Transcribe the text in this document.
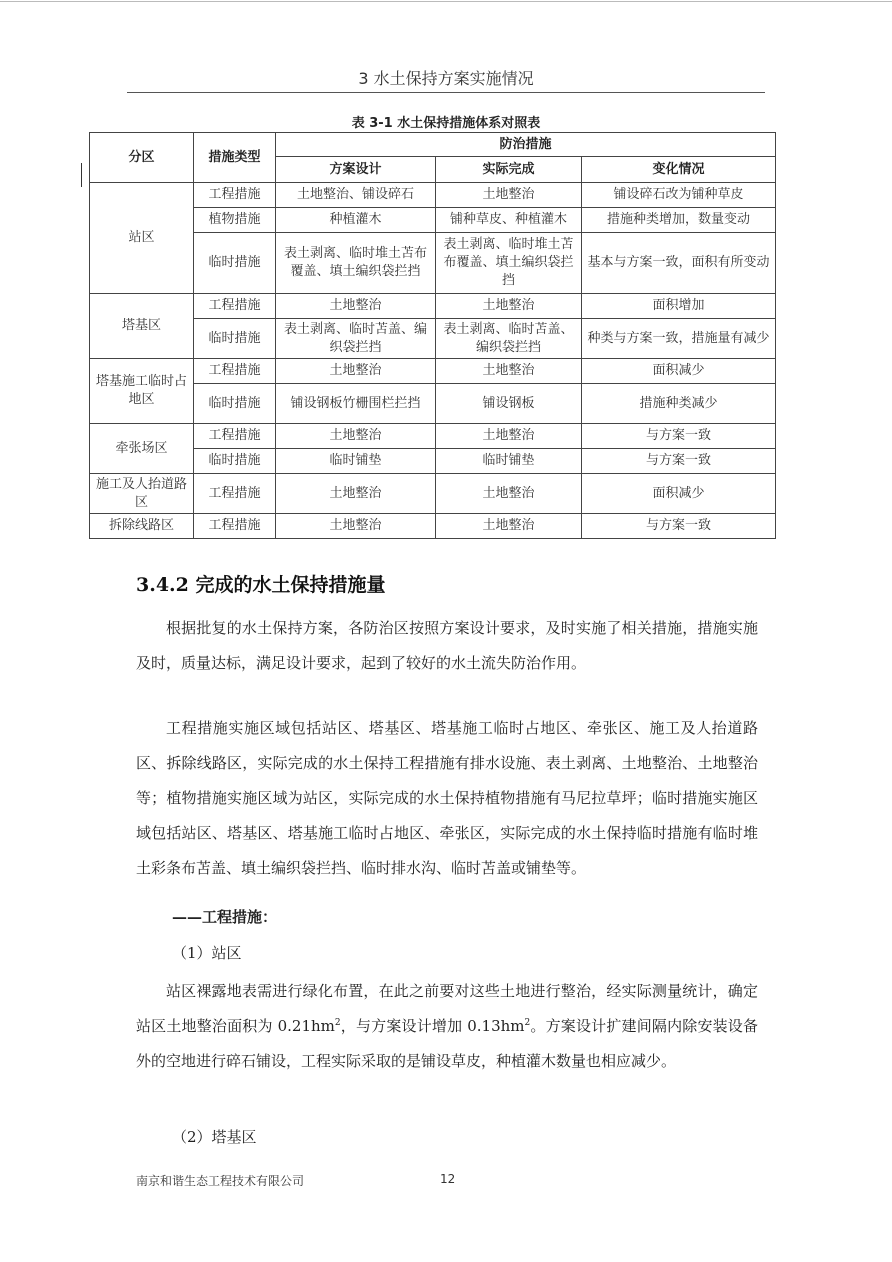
3 水土保持方案实施情况
表 3-1 水土保持措施体系对照表
分区	措施类型	防治措施		
		方案设计	实际完成	变化情况
站区	工程措施	土地整治、铺设碎石	土地整治	铺设碎石改为铺种草皮
	植物措施	种植灌木	铺种草皮、种植灌木	措施种类增加，数量变动
	临时措施	表土剥离、临时堆土苫布覆盖、填土编织袋拦挡	表土剥离、临时堆土苫布覆盖、填土编织袋拦挡	基本与方案一致，面积有所变动
塔基区	工程措施	土地整治	土地整治	面积增加
	临时措施	表土剥离、临时苫盖、编织袋拦挡	表土剥离、临时苫盖、编织袋拦挡	种类与方案一致，措施量有减少
塔基施工临时占地区	工程措施	土地整治	土地整治	面积减少
	临时措施	铺设钢板竹栅围栏拦挡	铺设钢板	措施种类减少
牵张场区	工程措施	土地整治	土地整治	与方案一致
	临时措施	临时铺垫	临时铺垫	与方案一致
施工及人抬道路区	工程措施	土地整治	土地整治	面积减少
拆除线路区	工程措施	土地整治	土地整治	与方案一致
3.4.2 完成的水土保持措施量

根据批复的水土保持方案，各防治区按照方案设计要求，及时实施了相关措施，措施实施及时，质量达标，满足设计要求，起到了较好的水土流失防治作用。

工程措施实施区域包括站区、塔基区、塔基施工临时占地区、牵张区、施工及人抬道路区、拆除线路区，实际完成的水土保持工程措施有排水设施、表土剥离、土地整治、土地整治等；植物措施实施区域为站区，实际完成的水土保持植物措施有马尼拉草坪；临时措施实施区域包括站区、塔基区、塔基施工临时占地区、牵张区，实际完成的水土保持临时措施有临时堆土彩条布苫盖、填土编织袋拦挡、临时排水沟、临时苫盖或铺垫等。

——工程措施：
（1）站区

站区裸露地表需进行绿化布置，在此之前要对这些土地进行整治，经实际测量统计，确定站区土地整治面积为 $0.21hm^2$，与方案设计增加 $0.13hm^2$。方案设计扩建间隔内除安装设备外的空地进行碎石铺设，工程实际采取的是铺设草皮，种植灌木数量也相应减少。

（2）塔基区
南京和谐生态工程技术有限公司	12
